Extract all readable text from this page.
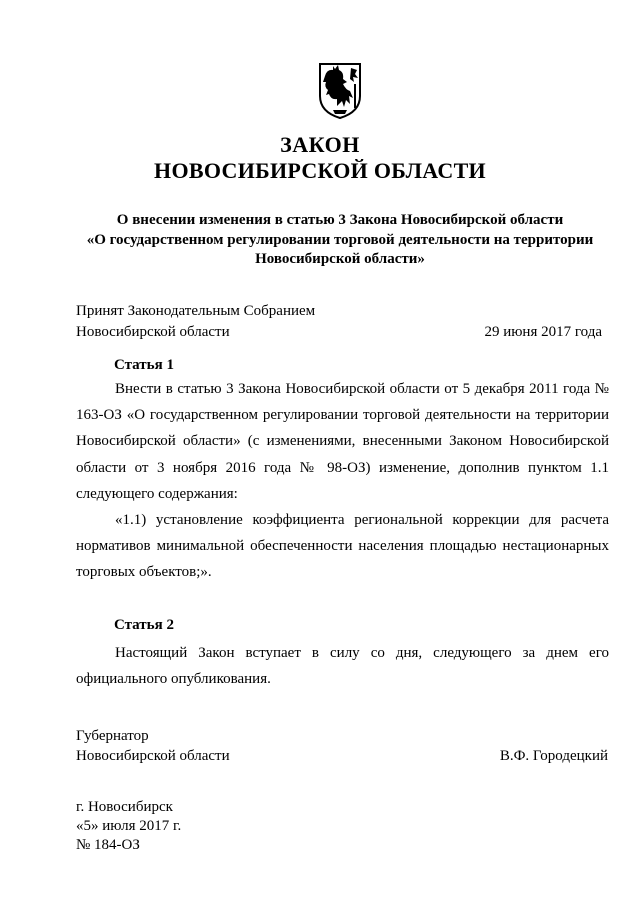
ЗАКОН
НОВОСИБИРСКОЙ ОБЛАСТИ
О внесении изменения в статью 3 Закона Новосибирской области
«О государственном регулировании торговой деятельности на территории
Новосибирской области»
Принят Законодательным Собранием
Новосибирской области	29 июня 2017 года
Статья 1
Внести в статью 3 Закона Новосибирской области от 5 декабря 2011 года № 163-ОЗ «О государственном регулировании торговой деятельности на территории Новосибирской области» (с изменениями, внесенными Законом Новосибирской области от 3 ноября 2016 года № 98-ОЗ) изменение, дополнив пунктом 1.1 следующего содержания:
«1.1) установление коэффициента региональной коррекции для расчета нормативов минимальной обеспеченности населения площадью нестационарных торговых объектов;».
Статья 2
Настоящий Закон вступает в силу со дня, следующего за днем его официального опубликования.
Губернатор
Новосибирской области	В.Ф. Городецкий
г. Новосибирск
«5» июля 2017 г.
№ 184-ОЗ
